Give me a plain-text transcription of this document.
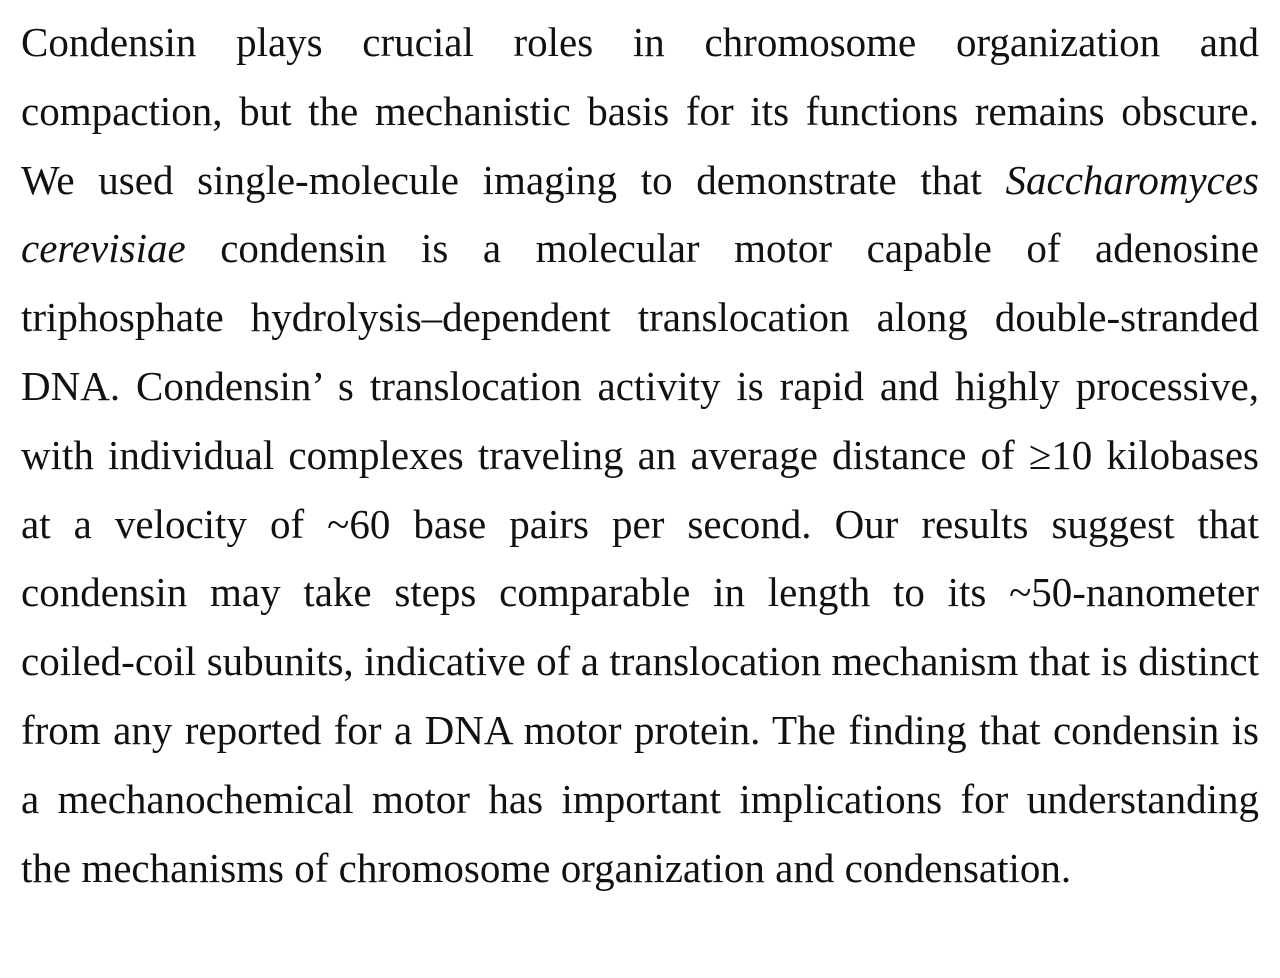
Condensin plays crucial roles in chromosome organization and compaction, but the mechanistic basis for its functions remains obscure. We used single-molecule imaging to demonstrate that Saccharomyces cerevisiae condensin is a molecular motor capable of adenosine triphosphate hydrolysis–dependent translocation along double-stranded DNA. Condensin’ s translocation activity is rapid and highly processive, with individual complexes traveling an average distance of ≥10 kilobases at a velocity of ~60 base pairs per second. Our results suggest that condensin may take steps comparable in length to its ~50-nanometer coiled-coil subunits, indicative of a translocation mechanism that is distinct from any reported for a DNA motor protein. The finding that condensin is a mechanochemical motor has important implications for understanding the mechanisms of chromosome organization and condensation.
